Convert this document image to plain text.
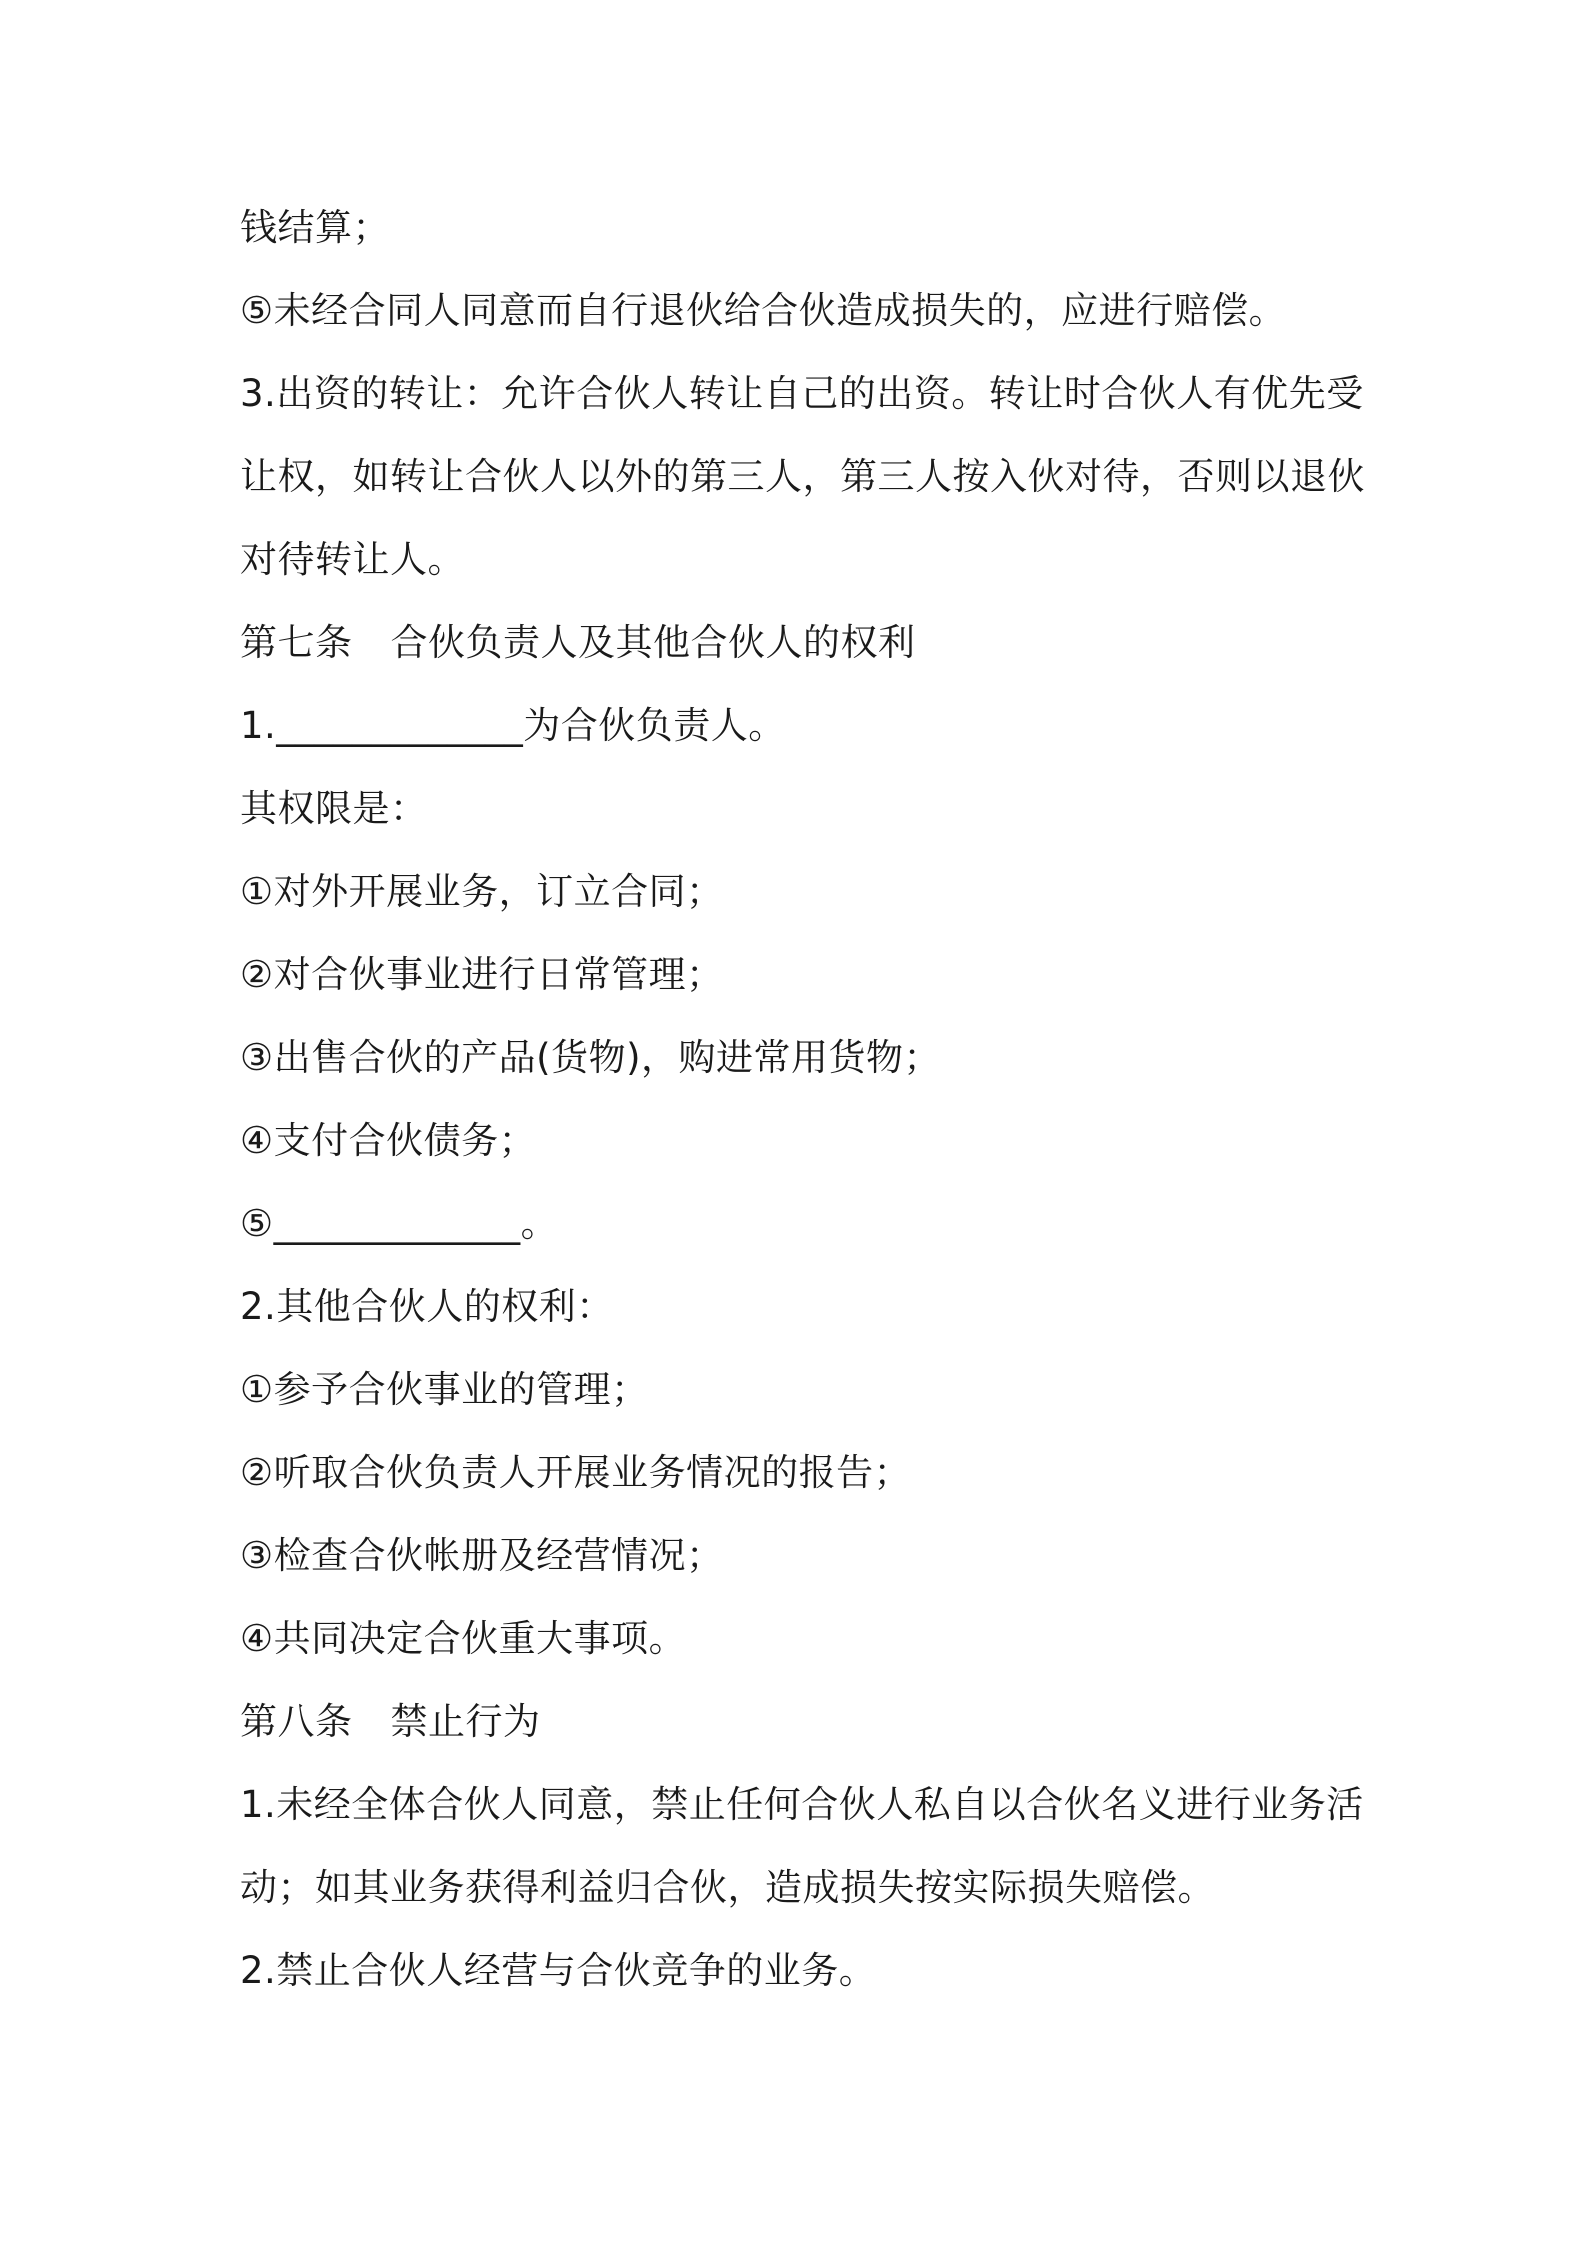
钱结算；
⑤未经合同人同意而自行退伙给合伙造成损失的，应进行赔偿。
3.出资的转让：允许合伙人转让自己的出资。转让时合伙人有优先受
让权，如转让合伙人以外的第三人，第三人按入伙对待，否则以退伙
对待转让人。
第七条 合伙负责人及其他合伙人的权利
1._____________为合伙负责人。
其权限是：
①对外开展业务，订立合同；
②对合伙事业进行日常管理；
③出售合伙的产品(货物)，购进常用货物；
④支付合伙债务；
⑤_____________。
2.其他合伙人的权利：
①参予合伙事业的管理；
②听取合伙负责人开展业务情况的报告；
③检查合伙帐册及经营情况；
④共同决定合伙重大事项。
第八条 禁止行为
1.未经全体合伙人同意，禁止任何合伙人私自以合伙名义进行业务活
动；如其业务获得利益归合伙，造成损失按实际损失赔偿。
2.禁止合伙人经营与合伙竞争的业务。
